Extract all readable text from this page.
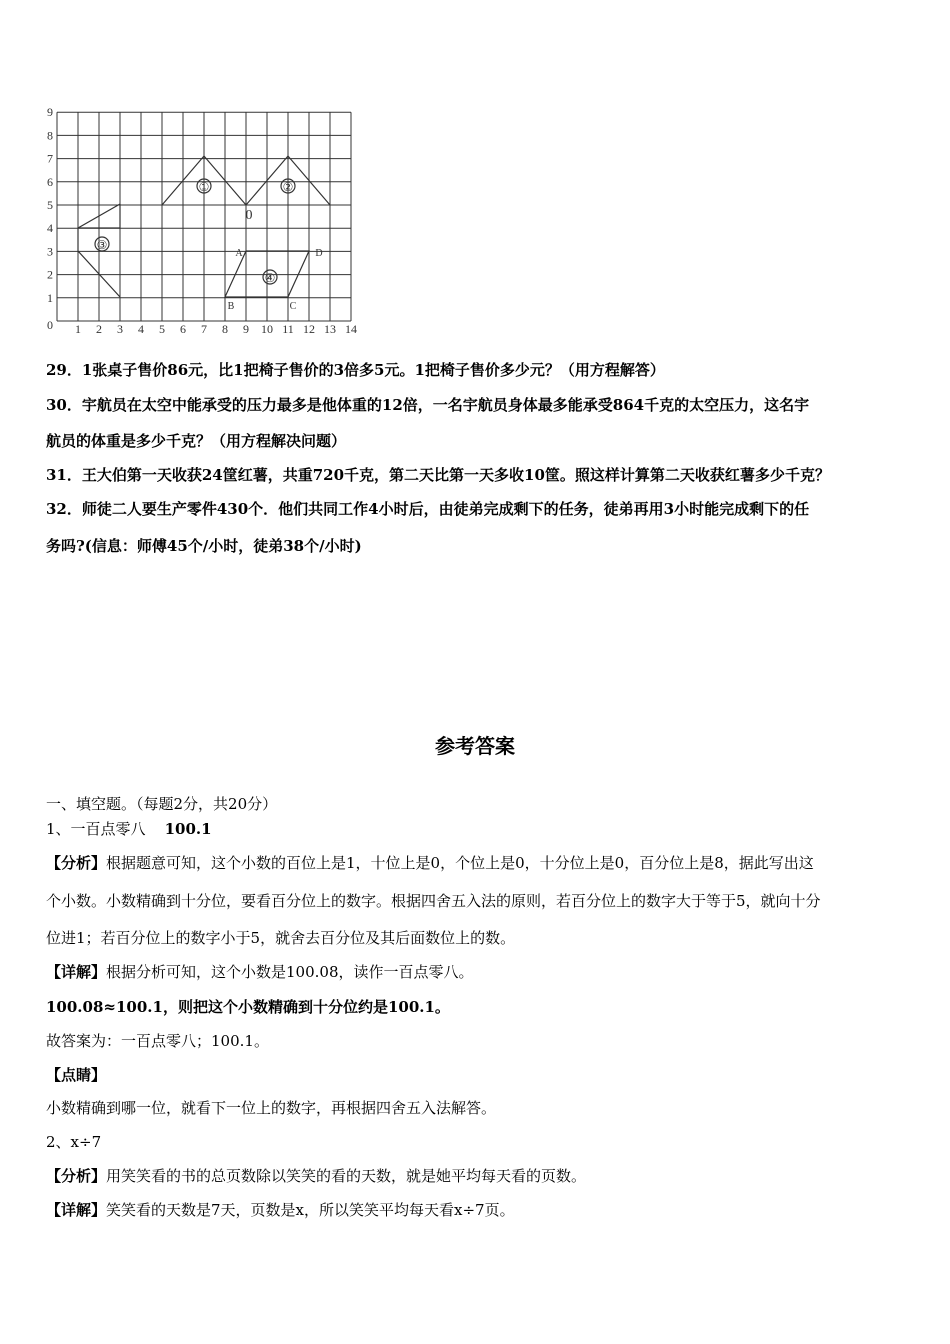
0
1
2
3
4
5
6
7
8
9
1 2 3 4 5 6 7 8 9 10 11 12 13 14
①	②
③
④
0
A
B	C
D
29．1张桌子售价86元，比1把椅子售价的3倍多5元。1把椅子售价多少元？（用方程解答）
30．宇航员在太空中能承受的压力最多是他体重的12倍，一名宇航员身体最多能承受864千克的太空压力，这名宇
航员的体重是多少千克？（用方程解决问题）
31．王大伯第一天收获24筐红薯，共重720千克，第二天比第一天多收10筐。照这样计算第二天收获红薯多少千克？
32．师徒二人要生产零件430个．他们共同工作4小时后，由徒弟完成剩下的任务，徒弟再用3小时能完成剩下的任
务吗?(信息：师傅45个/小时，徒弟38个/小时)
参考答案
一、填空题。（每题2分，共20分）
1、一百点零八 100.1
【分析】根据题意可知，这个小数的百位上是1，十位上是0，个位上是0，十分位上是0，百分位上是8，据此写出这
个小数。小数精确到十分位，要看百分位上的数字。根据四舍五入法的原则，若百分位上的数字大于等于5，就向十分
位进1；若百分位上的数字小于5，就舍去百分位及其后面数位上的数。
【详解】根据分析可知，这个小数是100.08，读作一百点零八。
100.08≈100.1，则把这个小数精确到十分位约是100.1。
故答案为：一百点零八；100.1。
【点睛】
小数精确到哪一位，就看下一位上的数字，再根据四舍五入法解答。
2、x÷7
【分析】用笑笑看的书的总页数除以笑笑的看的天数，就是她平均每天看的页数。
【详解】笑笑看的天数是7天，页数是x，所以笑笑平均每天看x÷7页。
